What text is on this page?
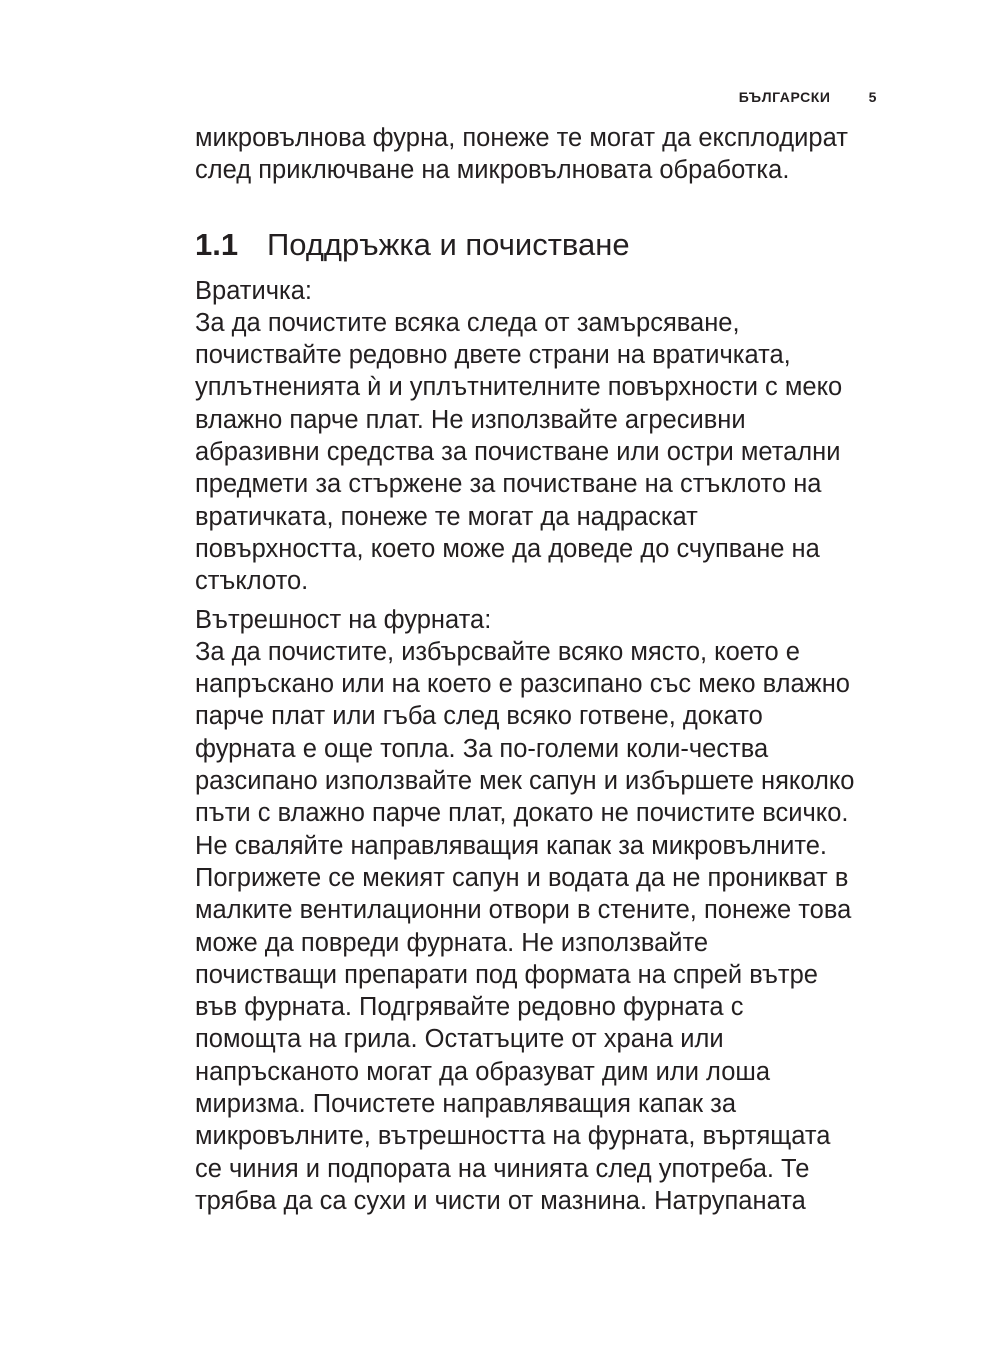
БЪЛГАРСКИ	5

микровълнова фурна, понеже те могат да експлодират
след приключване на микровълновата обработка.

1.1 Поддръжка и почистване

Вратичка:
За да почистите всяка следа от замърсяване,
почиствайте редовно двете страни на вратичката,
уплътненията ѝ и уплътнителните повърхности с меко
влажно парче плат. Не използвайте агресивни
абразивни средства за почистване или остри метални
предмети за стържене за почистване на стъклото на
вратичката, понеже те могат да надраскат
повърхността, което може да доведе до счупване на
стъклото.

Вътрешност на фурната:
За да почистите, избърсвайте всяко място, което е
напръскано или на което е разсипано със меко влажно
парче плат или гъба след всяко готвене, докато
фурната е още топла. За по-големи коли-чества
разсипано използвайте мек сапун и избършете няколко
пъти с влажно парче плат, докато не почистите всичко.
Не сваляйте направляващия капак за микровълните.
Погрижете се мекият сапун и водата да не проникват в
малките вентилационни отвори в стените, понеже това
може да повреди фурната. Не използвайте
почистващи препарати под формата на спрей вътре
във фурната. Подгрявайте редовно фурната с
помощта на грила. Остатъците от храна или
напръсканото могат да образуват дим или лоша
миризма. Почистете направляващия капак за
микровълните, вътрешността на фурната, въртящата
се чиния и подпората на чинията след употреба. Те
трябва да са сухи и чисти от мазнина. Натрупаната
